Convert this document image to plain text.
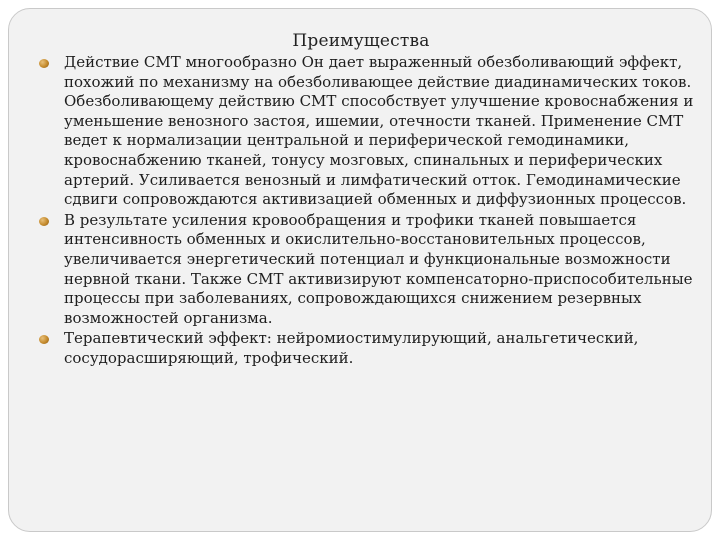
Преимущества
Действие СМТ многообразно Он дает выраженный обезболивающий эффект, похожий по механизму на обезболивающее действие диадинамических токов. Обезболивающему действию СМТ способствует улучшение кровоснабжения и уменьшение венозного застоя, ишемии, отечности тканей. Применение СМТ ведет к нормализации центральной и периферической гемодинамики, кровоснабжению тканей, тонусу мозговых, спинальных и периферических артерий. Усиливается венозный и лимфатический отток. Гемодинамические сдвиги сопровождаются активизацией обменных и диффузионных процессов.
В результате усиления кровообращения и трофики тканей повышается интенсивность обменных и окислительно-восстановительных процессов, увеличивается энергетический потенциал и функциональные возможности нервной ткани. Также СМТ активизируют компенсаторно-приспособительные процессы при заболеваниях, сопровождающихся снижением резервных возможностей организма.
Терапевтический эффект: нейромиостимулирующий, анальгетический, сосудорасширяющий, трофический.
